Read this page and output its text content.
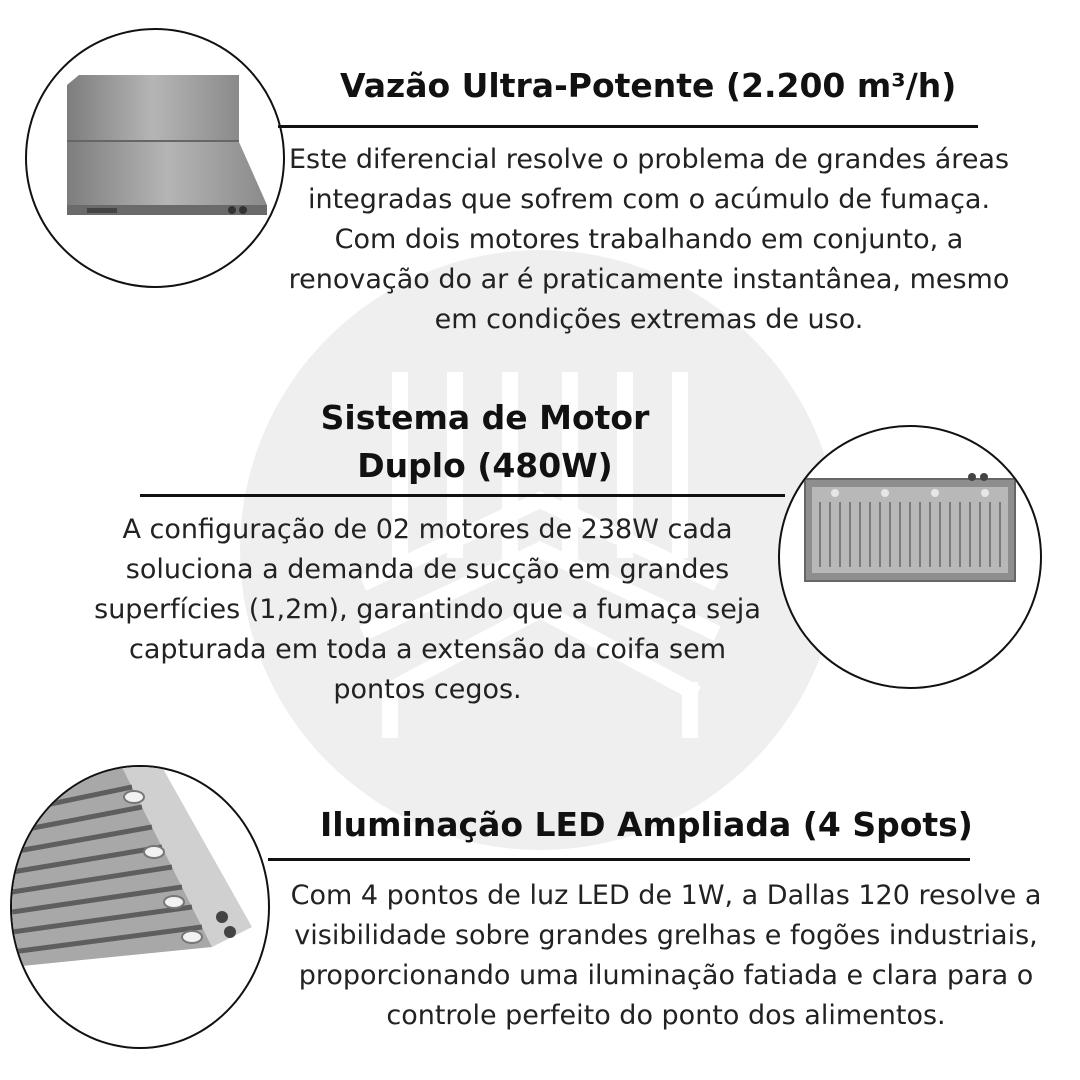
Vazão Ultra-Potente (2.200 m³/h)
Este diferencial resolve o problema de grandes áreas integradas que sofrem com o acúmulo de fumaça. Com dois motores trabalhando em conjunto, a renovação do ar é praticamente instantânea, mesmo em condições extremas de uso.
Sistema de Motor
Duplo (480W)
A configuração de 02 motores de 238W cada soluciona a demanda de sucção em grandes superfícies (1,2m), garantindo que a fumaça seja capturada em toda a extensão da coifa sem pontos cegos.
Iluminação LED Ampliada (4 Spots)
Com 4 pontos de luz LED de 1W, a Dallas 120 resolve a visibilidade sobre grandes grelhas e fogões industriais, proporcionando uma iluminação fatiada e clara para o controle perfeito do ponto dos alimentos.
